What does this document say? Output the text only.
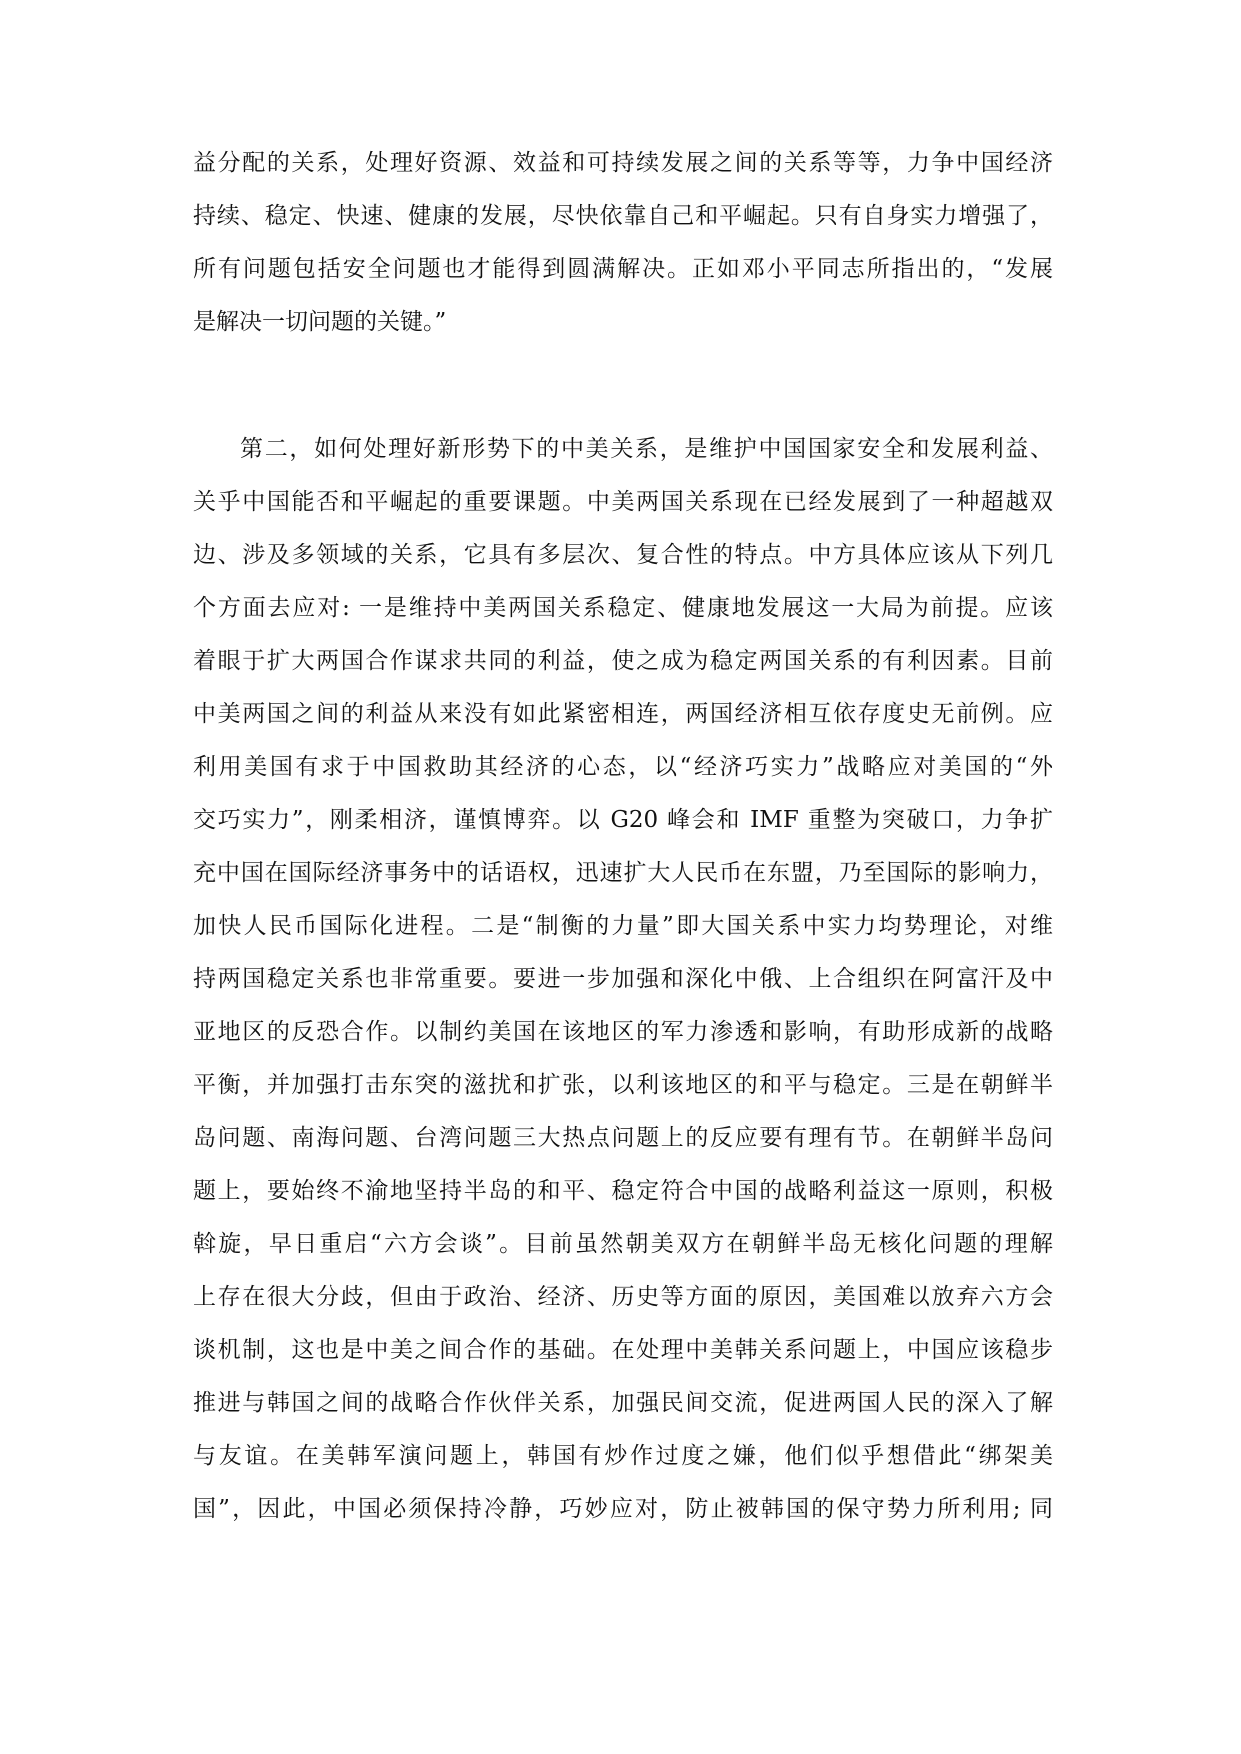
益分配的关系，处理好资源、效益和可持续发展之间的关系等等，力争中国经济
持续、稳定、快速、健康的发展，尽快依靠自己和平崛起。只有自身实力增强了，
所有问题包括安全问题也才能得到圆满解决。正如邓小平同志所指出的，“发展
是解决一切问题的关键。”
第二，如何处理好新形势下的中美关系，是维护中国国家安全和发展利益、
关乎中国能否和平崛起的重要课题。中美两国关系现在已经发展到了一种超越双
边、涉及多领域的关系，它具有多层次、复合性的特点。中方具体应该从下列几
个方面去应对: 一是维持中美两国关系稳定、健康地发展这一大局为前提。应该
着眼于扩大两国合作谋求共同的利益，使之成为稳定两国关系的有利因素。目前
中美两国之间的利益从来没有如此紧密相连，两国经济相互依存度史无前例。应
利用美国有求于中国救助其经济的心态，以“经济巧实力”战略应对美国的“外
交巧实力”，刚柔相济，谨慎博弈。以 G20 峰会和 IMF 重整为突破口，力争扩
充中国在国际经济事务中的话语权，迅速扩大人民币在东盟，乃至国际的影响力，
加快人民币国际化进程。二是“制衡的力量”即大国关系中实力均势理论，对维
持两国稳定关系也非常重要。要进一步加强和深化中俄、上合组织在阿富汗及中
亚地区的反恐合作。以制约美国在该地区的军力渗透和影响，有助形成新的战略
平衡，并加强打击东突的滋扰和扩张，以利该地区的和平与稳定。三是在朝鲜半
岛问题、南海问题、台湾问题三大热点问题上的反应要有理有节。在朝鲜半岛问
题上，要始终不渝地坚持半岛的和平、稳定符合中国的战略利益这一原则，积极
斡旋，早日重启“六方会谈”。目前虽然朝美双方在朝鲜半岛无核化问题的理解
上存在很大分歧，但由于政治、经济、历史等方面的原因，美国难以放弃六方会
谈机制，这也是中美之间合作的基础。在处理中美韩关系问题上，中国应该稳步
推进与韩国之间的战略合作伙伴关系，加强民间交流，促进两国人民的深入了解
与友谊。在美韩军演问题上，韩国有炒作过度之嫌，他们似乎想借此“绑架美
国”，因此，中国必须保持冷静，巧妙应对，防止被韩国的保守势力所利用; 同
